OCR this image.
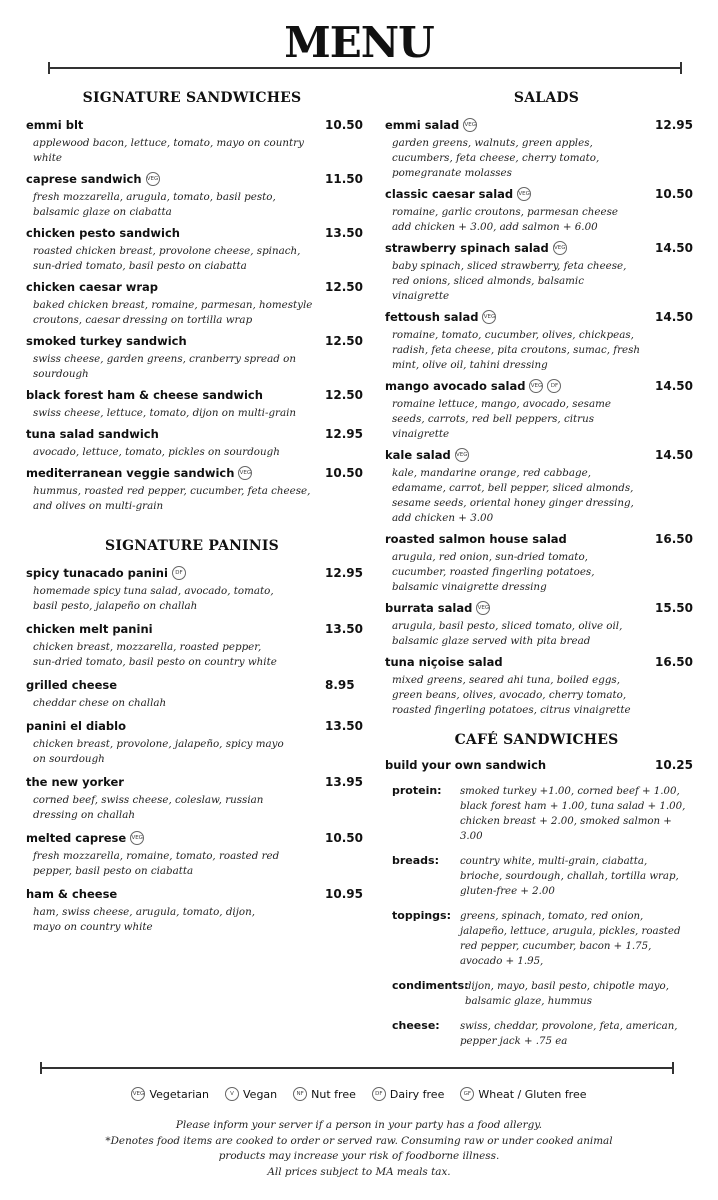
MENU
SIGNATURE SANDWICHES
emmi blt	10.50
applewood bacon, lettuce, tomato, mayo on country white
caprese sandwich VEG	11.50
fresh mozzarella, arugula, tomato, basil pesto, balsamic glaze on ciabatta
chicken pesto sandwich	13.50
roasted chicken breast, provolone cheese, spinach, sun-dried tomato, basil pesto on ciabatta
chicken caesar wrap	12.50
baked chicken breast, romaine, parmesan, homestyle croutons, caesar dressing on tortilla wrap
smoked turkey sandwich	12.50
swiss cheese, garden greens, cranberry spread on sourdough
black forest ham & cheese sandwich	12.50
swiss cheese, lettuce, tomato, dijon on multi-grain
tuna salad sandwich	12.95
avocado, lettuce, tomato, pickles on sourdough
mediterranean veggie sandwich VEG	10.50
hummus, roasted red pepper, cucumber, feta cheese, and olives on multi-grain
SIGNATURE PANINIS
spicy tunacado panini	DF	12.95
homemade spicy tuna salad, avocado, tomato, basil pesto, jalapeño on challah
chicken melt panini	13.50
chicken breast, mozzarella, roasted pepper, sun-dried tomato, basil pesto on country white
grilled cheese	8.95
cheddar chese on challah
panini el diablo	13.50
chicken breast, provolone, jalapeño, spicy mayo on sourdough
the new yorker	13.95
corned beef, swiss cheese, coleslaw, russian dressing on challah
melted caprese VEG	10.50
fresh mozzarella, romaine, tomato, roasted red pepper, basil pesto on ciabatta
ham & cheese	10.95
ham, swiss cheese, arugula, tomato, dijon, mayo on country white
SALADS
emmi salad VEG	12.95
garden greens, walnuts, green apples, cucumbers, feta cheese, cherry tomato, pomegranate molasses
classic caesar salad VEG	10.50
romaine, garlic croutons, parmesan cheese add chicken + 3.00, add salmon + 6.00
strawberry spinach salad VEG	14.50
baby spinach, sliced strawberry, feta cheese, red onions, sliced almonds, balsamic vinaigrette
fettoush salad VEG	14.50
romaine, tomato, cucumber, olives, chickpeas, radish, feta cheese, pita croutons, sumac, fresh mint, olive oil, tahini dressing
mango avocado salad VEG	DF	14.50
romaine lettuce, mango, avocado, sesame seeds, carrots, red bell peppers, citrus vinaigrette
kale salad VEG	14.50
kale, mandarine orange, red cabbage, edamame, carrot, bell pepper, sliced almonds, sesame seeds, oriental honey ginger dressing, add chicken + 3.00
roasted salmon house salad	16.50
arugula, red onion, sun-dried tomato, cucumber, roasted fingerling potatoes, balsamic vinaigrette dressing
burrata salad VEG	15.50
arugula, basil pesto, sliced tomato, olive oil, balsamic glaze served with pita bread
tuna niçoise salad	16.50
mixed greens, seared ahi tuna, boiled eggs, green beans, olives, avocado, cherry tomato, roasted fingerling potatoes, citrus vinaigrette
CAFÉ SANDWICHES
build your own sandwich	10.25
protein:	smoked turkey +1.00, corned beef + 1.00, black forest ham + 1.00, tuna salad + 1.00, chicken breast + 2.00, smoked salmon + 3.00
breads:	country white, multi-grain, ciabatta, brioche, sourdough, challah, tortilla wrap, gluten-free + 2.00
toppings: greens, spinach, tomato, red onion, jalapeño, lettuce, arugula, pickles, roasted red pepper, cucumber, bacon + 1.75, avocado + 1.95,
condiments:
dijon, mayo, basil pesto, chipotle mayo, balsamic glaze, hummus
cheese:	swiss, cheddar, provolone, feta, american, pepper jack + .75 ea
VEG Vegetarian	V Vegan	NF Nut free	DF Dairy free	GF Wheat / Gluten free
Please inform your server if a person in your party has a food allergy.
*Denotes food items are cooked to order or served raw. Consuming raw or under cooked animal
products may increase your risk of foodborne illness.
All prices subject to MA meals tax.
